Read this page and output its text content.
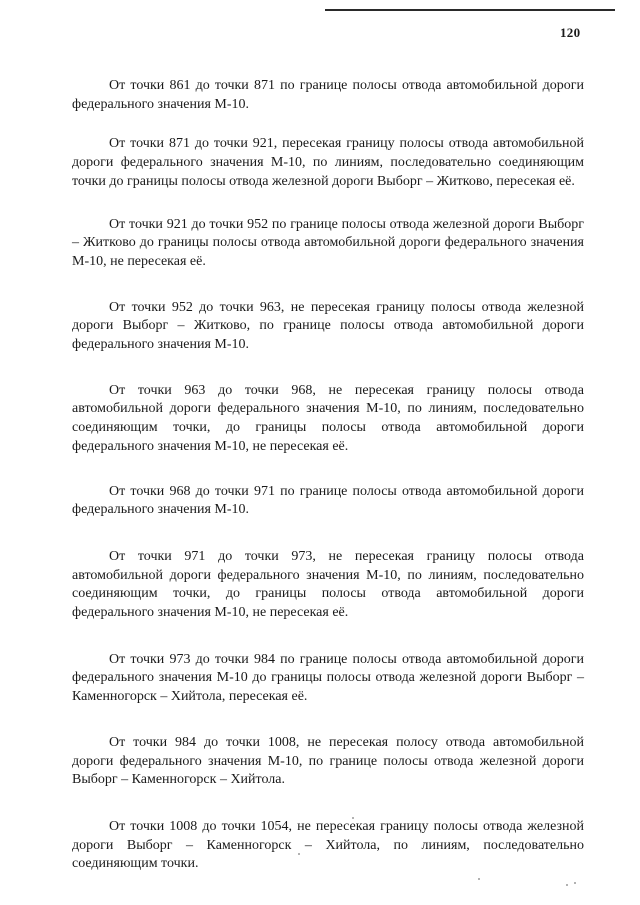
120

От точки 861 до точки 871 по границе полосы отвода автомобильной дороги федерального значения М-10.

От точки 871 до точки 921, пересекая границу полосы отвода автомобильной дороги федерального значения М-10, по линиям, последовательно соединяющим точки до границы полосы отвода железной дороги Выборг – Житково, пересекая её.

От точки 921 до точки 952 по границе полосы отвода железной дороги Выборг – Житково до границы полосы отвода автомобильной дороги федерального значения М-10, не пересекая её.

От точки 952 до точки 963, не пересекая границу полосы отвода железной дороги Выборг – Житково, по границе полосы отвода автомобильной дороги федерального значения М-10.

От точки 963 до точки 968, не пересекая границу полосы отвода автомобильной дороги федерального значения М-10, по линиям, последовательно соединяющим точки, до границы полосы отвода автомобильной дороги федерального значения М-10, не пересекая её.

От точки 968 до точки 971 по границе полосы отвода автомобильной дороги федерального значения М-10.

От точки 971 до точки 973, не пересекая границу полосы отвода автомобильной дороги федерального значения М-10, по линиям, последовательно соединяющим точки, до границы полосы отвода автомобильной дороги федерального значения М-10, не пересекая её.

От точки 973 до точки 984 по границе полосы отвода автомобильной дороги федерального значения М-10 до границы полосы отвода железной дороги Выборг – Каменногорск – Хийтола, пересекая её.

От точки 984 до точки 1008, не пересекая полосу отвода автомобильной дороги федерального значения М-10, по границе полосы отвода железной дороги Выборг – Каменногорск – Хийтола.

От точки 1008 до точки 1054, не пересекая границу полосы отвода железной дороги Выборг – Каменногорск – Хийтола, по линиям, последовательно соединяющим точки.
